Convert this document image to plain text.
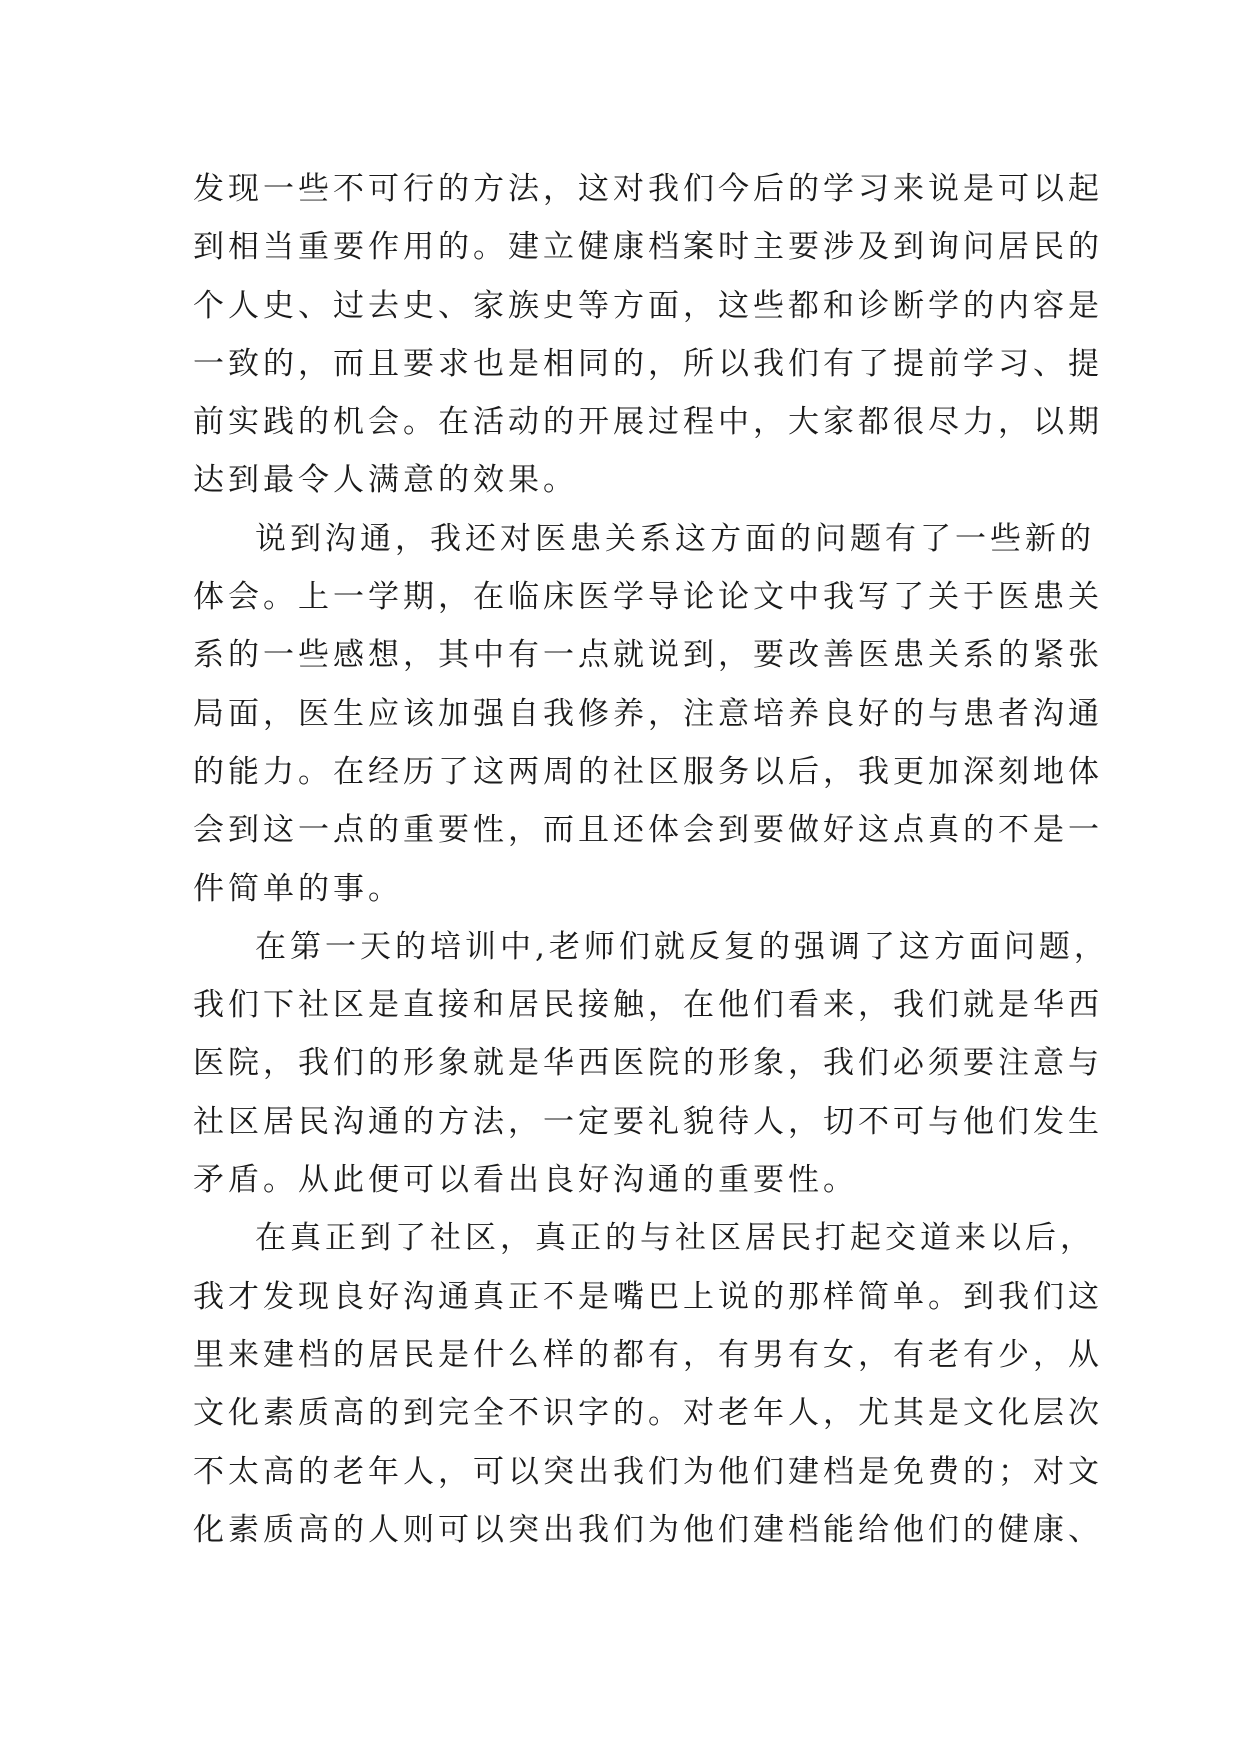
发现一些不可行的方法，这对我们今后的学习来说是可以起
到相当重要作用的。建立健康档案时主要涉及到询问居民的
个人史、过去史、家族史等方面，这些都和诊断学的内容是
一致的，而且要求也是相同的，所以我们有了提前学习、提
前实践的机会。在活动的开展过程中，大家都很尽力，以期
达到最令人满意的效果。
说到沟通，我还对医患关系这方面的问题有了一些新的
体会。上一学期，在临床医学导论论文中我写了关于医患关
系的一些感想，其中有一点就说到，要改善医患关系的紧张
局面，医生应该加强自我修养，注意培养良好的与患者沟通
的能力。在经历了这两周的社区服务以后，我更加深刻地体
会到这一点的重要性，而且还体会到要做好这点真的不是一
件简单的事。
在第一天的培训中,老师们就反复的强调了这方面问题，
我们下社区是直接和居民接触，在他们看来，我们就是华西
医院，我们的形象就是华西医院的形象，我们必须要注意与
社区居民沟通的方法，一定要礼貌待人，切不可与他们发生
矛盾。从此便可以看出良好沟通的重要性。
在真正到了社区，真正的与社区居民打起交道来以后，
我才发现良好沟通真正不是嘴巴上说的那样简单。到我们这
里来建档的居民是什么样的都有，有男有女，有老有少，从
文化素质高的到完全不识字的。对老年人，尤其是文化层次
不太高的老年人，可以突出我们为他们建档是免费的；对文
化素质高的人则可以突出我们为他们建档能给他们的健康、
